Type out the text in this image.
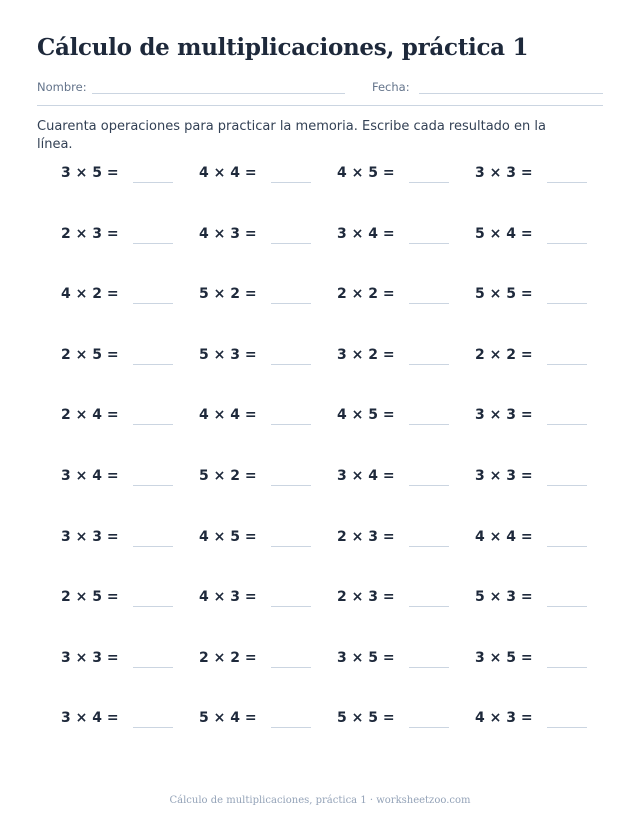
Cálculo de multiplicaciones, práctica 1
Nombre:	Fecha:

Cuarenta operaciones para practicar la memoria. Escribe cada resultado en la línea.

3 × 5 =	4 × 4 =	4 × 5 =	3 × 3 =
2 × 3 =	4 × 3 =	3 × 4 =	5 × 4 =
4 × 2 =	5 × 2 =	2 × 2 =	5 × 5 =
2 × 5 =	5 × 3 =	3 × 2 =	2 × 2 =
2 × 4 =	4 × 4 =	4 × 5 =	3 × 3 =
3 × 4 =	5 × 2 =	3 × 4 =	3 × 3 =
3 × 3 =	4 × 5 =	2 × 3 =	4 × 4 =
2 × 5 =	4 × 3 =	2 × 3 =	5 × 3 =
3 × 3 =	2 × 2 =	3 × 5 =	3 × 5 =
3 × 4 =	5 × 4 =	5 × 5 =	4 × 3 =
Cálculo de multiplicaciones, práctica 1 · worksheetzoo.com
